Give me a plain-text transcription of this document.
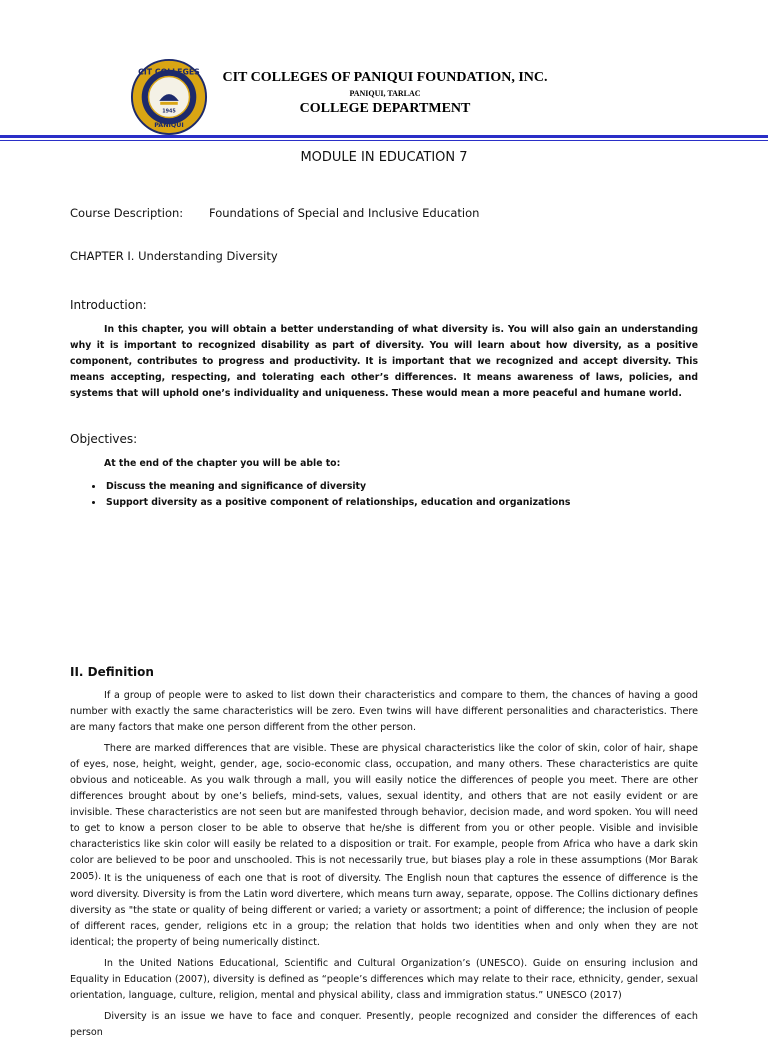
CIT COLLEGES
1945
PANIQUI
CIT COLLEGES OF PANIQUI FOUNDATION, INC.
PANIQUI, TARLAC
COLLEGE DEPARTMENT
MODULE IN EDUCATION 7
Course Description: Foundations of Special and Inclusive Education
CHAPTER I. Understanding Diversity
Introduction:

In this chapter, you will obtain a better understanding of what diversity is. You will also gain an understanding why it is important to recognized disability as part of diversity. You will learn about how diversity, as a positive component, contributes to progress and productivity. It is important that we recognized and accept diversity. This means accepting, respecting, and tolerating each other’s differences. It means awareness of laws, policies, and systems that will uphold one’s individuality and uniqueness. These would mean a more peaceful and humane world.

Objectives:
At the end of the chapter you will be able to:
• Discuss the meaning and significance of diversity
• Support diversity as a positive component of relationships, education and organizations
II. Definition

If a group of people were to asked to list down their characteristics and compare to them, the chances of having a good number with exactly the same characteristics will be zero. Even twins will have different personalities and characteristics. There are many factors that make one person different from the other person.

There are marked differences that are visible. These are physical characteristics like the color of skin, color of hair, shape of eyes, nose, height, weight, gender, age, socio-economic class, occupation, and many others. These characteristics are quite obvious and noticeable. As you walk through a mall, you will easily notice the differences of people you meet. There are other differences brought about by one’s beliefs, mind-sets, values, sexual identity, and others that are not easily evident or are invisible. These characteristics are not seen but are manifested through behavior, decision made, and word spoken. You will need to get to know a person closer to be able to observe that he/she is different from you or other people. Visible and invisible characteristics like skin color will easily be related to a disposition or trait. For example, people from Africa who have a dark skin color are believed to be poor and unschooled. This is not necessarily true, but biases play a role in these assumptions (Mor Barak 2005). It is the uniqueness of each one that is root of diversity. The English noun that captures the essence of difference is the word diversity. Diversity is from the Latin word divertere, which means turn away, separate, oppose. The Collins dictionary defines diversity as "the state or quality of being different or varied; a variety or assortment; a point of difference; the inclusion of people of different races, gender, religions etc in a group; the relation that holds two identities when and only when they are not identical; the property of being numerically distinct.

In the United Nations Educational, Scientific and Cultural Organization’s (UNESCO). Guide on ensuring inclusion and Equality in Education (2007), diversity is defined as “people’s differences which may relate to their race, ethnicity, gender, sexual orientation, language, culture, religion, mental and physical ability, class and immigration status.” UNESCO (2017)

Diversity is an issue we have to face and conquer. Presently, people recognized and consider the differences of each person
